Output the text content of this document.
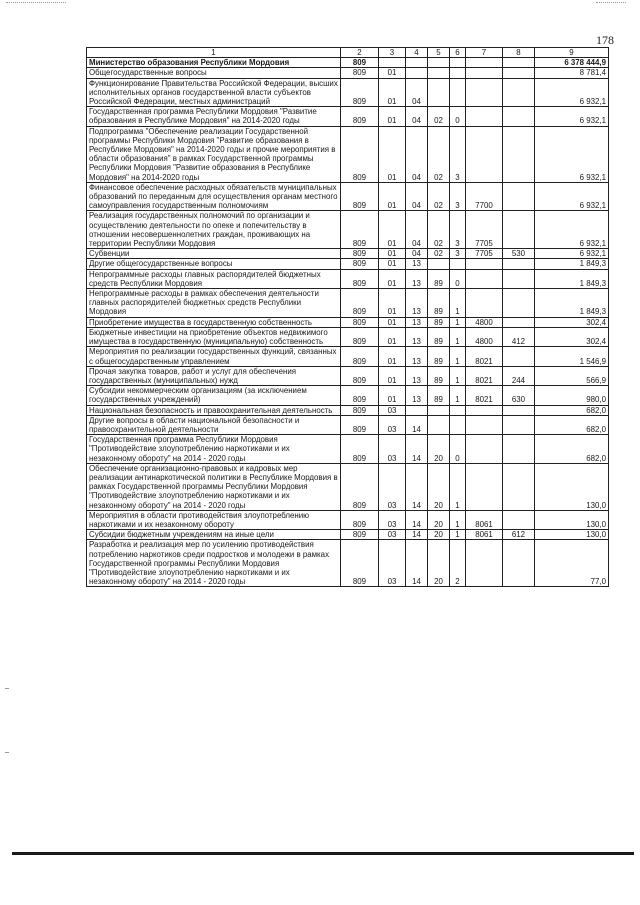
178
1	2	3	4	5	6	7	8	9
Министерство образования Республики Мордовия	809							6 378 444,9
Общегосударственные вопросы	809	01						8 781,4
Функционирование Правительства Российской Федерации, высших исполнительных органов государственной власти субъектов Российской Федерации, местных администраций	809	01	04					6 932,1
Государственная программа Республики Мордовия "Развитие образования в Республике Мордовия" на 2014-2020 годы	809	01	04	02	0			6 932,1
Подпрограмма "Обеспечение реализации Государственной программы Республики Мордовия "Развитие образования в Республике Мордовия" на 2014-2020 годы и прочие мероприятия в области образования" в рамках Государственной программы Республики Мордовия "Развитие образования в Республике Мордовия" на 2014-2020 годы	809	01	04	02	3			6 932,1
Финансовое обеспечение расходных обязательств муниципальных образований по переданным для осуществления органам местного самоуправления государственным полномочиям	809	01	04	02	3	7700		6 932,1
Реализация государственных полномочий по организации и осуществлению деятельности по опеке и попечительству в отношении несовершеннолетних граждан, проживающих на территории Республики Мордовия	809	01	04	02	3	7705		6 932,1
Субвенции	809	01	04	02	3	7705	530	6 932,1
Другие общегосударственные вопросы	809	01	13					1 849,3
Непрограммные расходы главных распорядителей бюджетных средств Республики Мордовия	809	01	13	89	0			1 849,3
Непрограммные расходы в рамках обеспечения деятельности главных распорядителей бюджетных средств Республики Мордовия	809	01	13	89	1			1 849,3
Приобретение имущества в государственную собственность	809	01	13	89	1	4800		302,4
Бюджетные инвестиции на приобретение объектов недвижимого имущества в государственную (муниципальную) собственность	809	01	13	89	1	4800	412	302,4
Мероприятия по реализации государственных функций, связанных с общегосударственным управлением	809	01	13	89	1	8021		1 546,9
Прочая закупка товаров, работ и услуг для обеспечения государственных (муниципальных) нужд	809	01	13	89	1	8021	244	566,9
Субсидии некоммерческим организациям (за исключением государственных учреждений)	809	01	13	89	1	8021	630	980,0
Национальная безопасность и правоохранительная деятельность	809	03						682,0
Другие вопросы в области национальной безопасности и правоохранительной деятельности	809	03	14					682,0
Государственная программа Республики Мордовия "Противодействие злоупотреблению наркотиками и их незаконному обороту" на 2014 - 2020 годы	809	03	14	20	0			682,0
Обеспечение организационно-правовых и кадровых мер реализации антинаркотической политики в Республике Мордовия в рамках Государственной программы Республики Мордовия "Противодействие злоупотреблению наркотиками и их незаконному обороту" на 2014 - 2020 годы	809	03	14	20	1			130,0
Мероприятия в области противодействия злоупотреблению наркотиками и их незаконному обороту	809	03	14	20	1	8061		130,0
Субсидии бюджетным учреждениям на иные цели	809	03	14	20	1	8061	612	130,0
Разработка и реализация мер по усилению противодействия потреблению наркотиков среди подростков и молодежи в рамках Государственной программы Республики Мордовия "Противодействие злоупотреблению наркотиками и их незаконному обороту" на 2014 - 2020 годы	809	03	14	20	2			77,0
